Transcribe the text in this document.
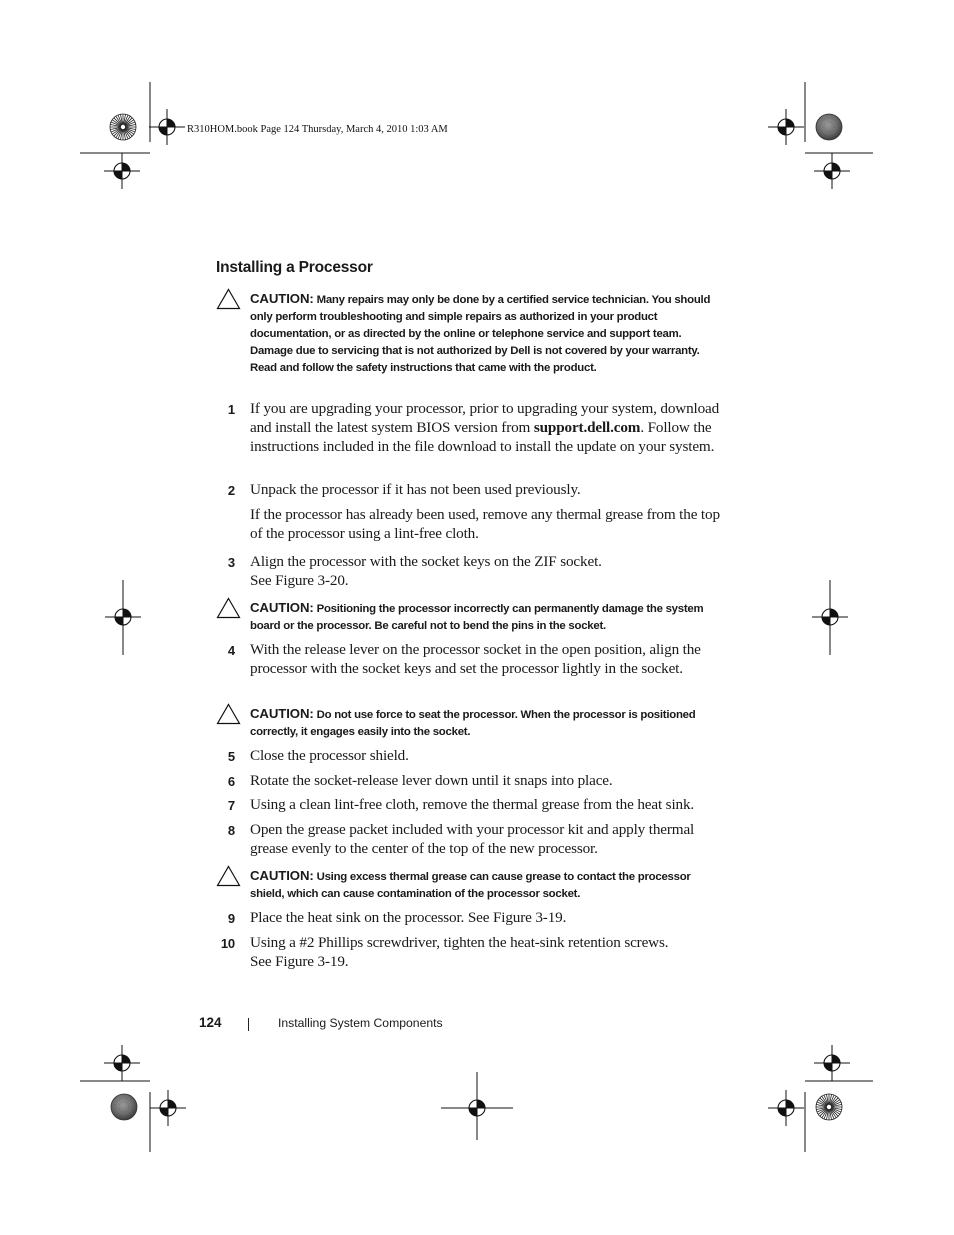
R310HOM.book Page 124 Thursday, March 4, 2010 1:03 AM
Installing a Processor
CAUTION: Many repairs may only be done by a certified service technician. You should only perform troubleshooting and simple repairs as authorized in your product documentation, or as directed by the online or telephone service and support team. Damage due to servicing that is not authorized by Dell is not covered by your warranty. Read and follow the safety instructions that came with the product.
1 If you are upgrading your processor, prior to upgrading your system, download and install the latest system BIOS version from support.dell.com. Follow the instructions included in the file download to install the update on your system.
2 Unpack the processor if it has not been used previously.
If the processor has already been used, remove any thermal grease from the top of the processor using a lint-free cloth.
3 Align the processor with the socket keys on the ZIF socket.
See Figure 3-20.
CAUTION: Positioning the processor incorrectly can permanently damage the system board or the processor. Be careful not to bend the pins in the socket.
4 With the release lever on the processor socket in the open position, align the processor with the socket keys and set the processor lightly in the socket.
CAUTION: Do not use force to seat the processor. When the processor is positioned correctly, it engages easily into the socket.
5 Close the processor shield.
6 Rotate the socket-release lever down until it snaps into place.
7 Using a clean lint-free cloth, remove the thermal grease from the heat sink.
8 Open the grease packet included with your processor kit and apply thermal grease evenly to the center of the top of the new processor.
CAUTION: Using excess thermal grease can cause grease to contact the processor shield, which can cause contamination of the processor socket.
9 Place the heat sink on the processor. See Figure 3-19.
10 Using a #2 Phillips screwdriver, tighten the heat-sink retention screws.
See Figure 3-19.
124	Installing System Components
